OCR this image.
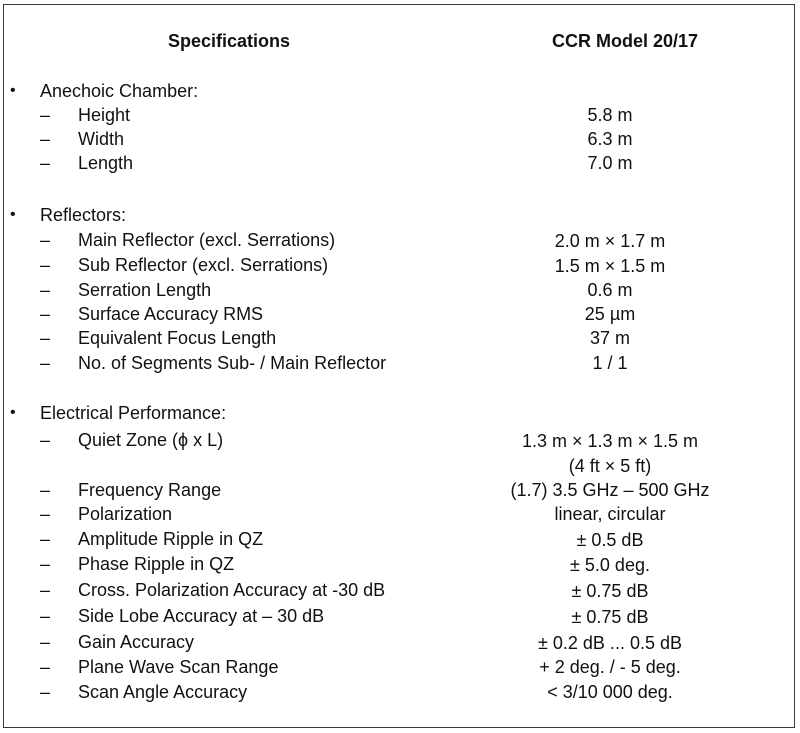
Specifications	CCR Model 20/17
• Anechoic Chamber:
– Height	5.8 m
– Width	6.3 m
– Length	7.0 m
• Reflectors:
– Main Reflector (excl. Serrations)	2.0 m × 1.7 m
– Sub Reflector (excl. Serrations)	1.5 m × 1.5 m
– Serration Length	0.6 m
– Surface Accuracy RMS	25 µm
– Equivalent Focus Length	37 m
– No. of Segments Sub- / Main Reflector	1 / 1
• Electrical Performance:
– Quiet Zone (ϕ x L)	1.3 m × 1.3 m × 1.5 m
(4 ft × 5 ft)
– Frequency Range	(1.7) 3.5 GHz – 500 GHz
– Polarization	linear, circular
– Amplitude Ripple in QZ	± 0.5 dB
– Phase Ripple in QZ	± 5.0 deg.
– Cross. Polarization Accuracy at -30 dB	± 0.75 dB
– Side Lobe Accuracy at – 30 dB	± 0.75 dB
– Gain Accuracy	± 0.2 dB ... 0.5 dB
– Plane Wave Scan Range	+ 2 deg. / - 5 deg.
– Scan Angle Accuracy	< 3/10 000 deg.
